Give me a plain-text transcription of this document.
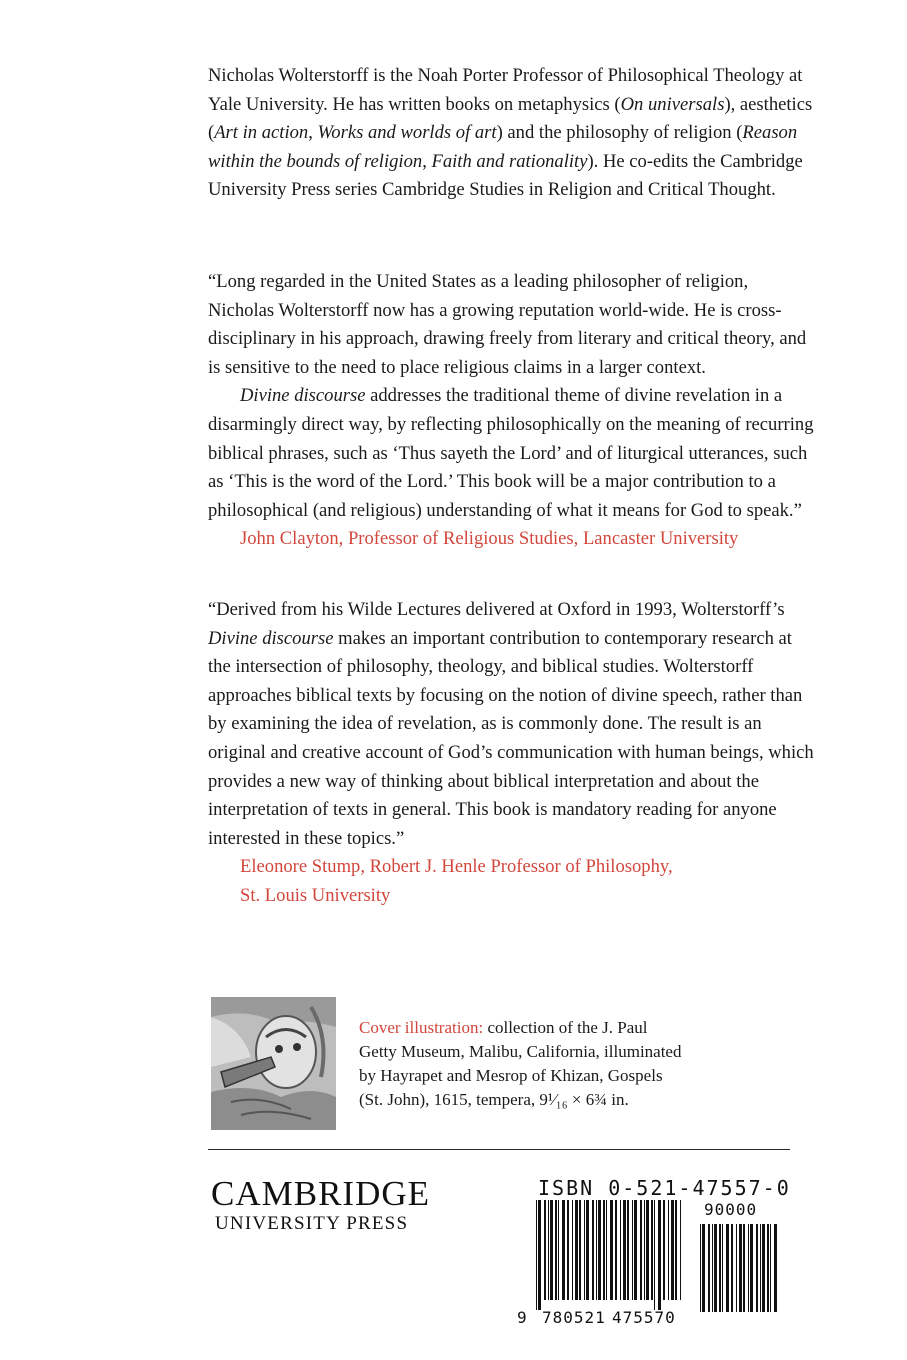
Nicholas Wolterstorff is the Noah Porter Professor of Philosophical Theology at Yale University. He has written books on metaphysics (On universals), aesthetics (Art in action, Works and worlds of art) and the philosophy of religion (Reason within the bounds of religion, Faith and rationality). He co-edits the Cambridge University Press series Cambridge Studies in Religion and Critical Thought.

“Long regarded in the United States as a leading philosopher of religion, Nicholas Wolterstorff now has a growing reputation world-wide. He is cross-disciplinary in his approach, drawing freely from literary and critical theory, and is sensitive to the need to place religious claims in a larger context.

Divine discourse addresses the traditional theme of divine revelation in a disarmingly direct way, by reflecting philosophically on the meaning of recurring biblical phrases, such as ‘Thus sayeth the Lord’ and of liturgical utterances, such as ‘This is the word of the Lord.’ This book will be a major contribution to a philosophical (and religious) understanding of what it means for God to speak.”

John Clayton, Professor of Religious Studies, Lancaster University

“Derived from his Wilde Lectures delivered at Oxford in 1993, Wolterstorff’s Divine discourse makes an important contribution to contemporary research at the intersection of philosophy, theology, and biblical studies. Wolterstorff approaches biblical texts by focusing on the notion of divine speech, rather than by examining the idea of revelation, as is commonly done. The result is an original and creative account of God’s communication with human beings, which provides a new way of thinking about biblical interpretation and about the interpretation of texts in general. This book is mandatory reading for anyone interested in these topics.”

Eleonore Stump, Robert J. Henle Professor of Philosophy,

St. Louis University

Cover illustration: collection of the J. Paul Getty Museum, Malibu, California, illuminated by Hayrapet and Mesrop of Khizan, Gospels (St. John), 1615, tempera, 9¹⁄₁₆ × 6¾ in.
CAMBRIDGE
UNIVERSITY PRESS
ISBN 0-521-47557-0
90000
9 780521 475570
